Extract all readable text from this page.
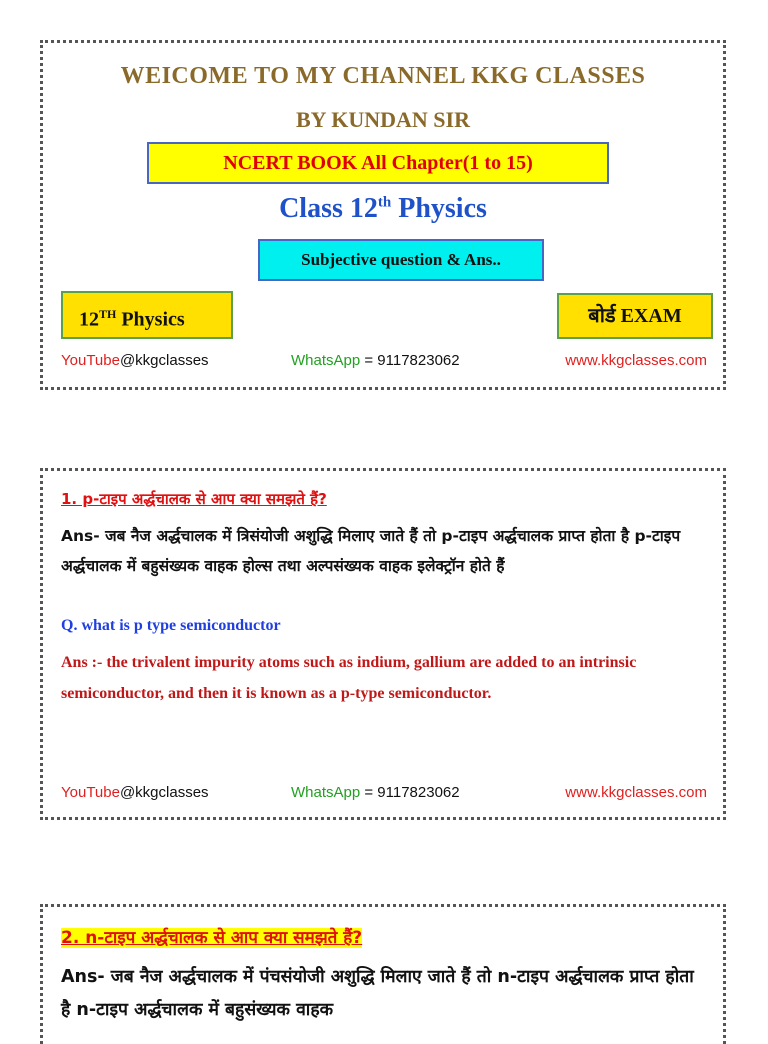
WEICOME TO MY CHANNEL KKG CLASSES
BY KUNDAN SIR
NCERT BOOK All Chapter(1 to 15)
Class 12th Physics
Subjective question & Ans..
12TH Physics	बोर्ड EXAM
YouTube@kkgclasses	WhatsApp = 9117823062	www.kkgclasses.com
1. p-टाइप अर्द्धचालक से आप क्या समझते हैं?
Ans- जब नैज अर्द्धचालक में त्रिसंयोजी अशुद्धि मिलाए जाते हैं तो p-टाइप अर्द्धचालक प्राप्त होता है p-टाइप अर्द्धचालक में बहुसंख्यक वाहक होल्स तथा अल्पसंख्यक वाहक इलेक्ट्रॉन होते हैं
Q. what is p type semiconductor
Ans :- the trivalent impurity atoms such as indium, gallium are added to an intrinsic semiconductor, and then it is known as a p-type semiconductor.
YouTube@kkgclasses	WhatsApp = 9117823062	www.kkgclasses.com
2. n-टाइप अर्द्धचालक से आप क्या समझते हैं?
Ans- जब नैज अर्द्धचालक में पंचसंयोजी अशुद्धि मिलाए जाते हैं तो n-टाइप अर्द्धचालक प्राप्त होता है n-टाइप अर्द्धचालक में बहुसंख्यक वाहक
